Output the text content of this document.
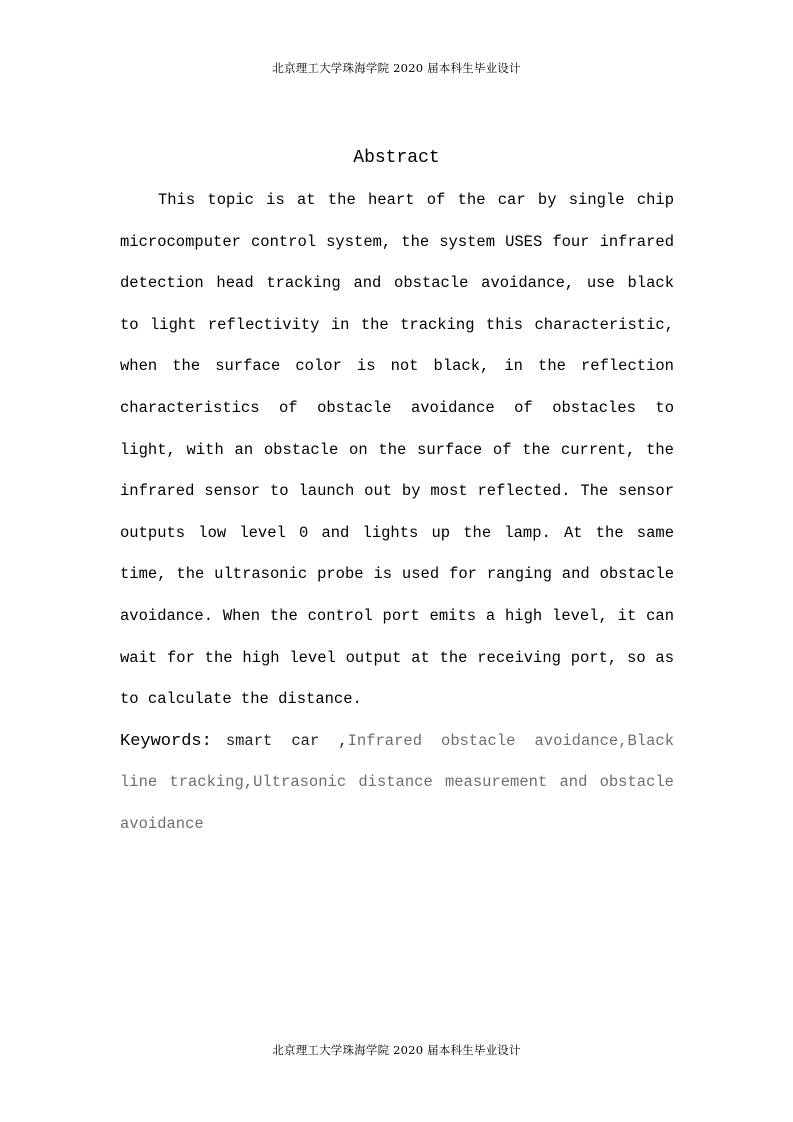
北京理工大学珠海学院 2020 届本科生毕业设计
Abstract

This topic is at the heart of the car by single chip microcomputer control system, the system USES four infrared detection head tracking and obstacle avoidance, use black to light reflectivity in the tracking this characteristic, when the surface color is not black, in the reflection characteristics of obstacle avoidance of obstacles to light, with an obstacle on the surface of the current, the infrared sensor to launch out by most reflected. The sensor outputs low level 0 and lights up the lamp. At the same time, the ultrasonic probe is used for ranging and obstacle avoidance. When the control port emits a high level, it can wait for the high level output at the receiving port, so as to calculate the distance.

Keywords: smart car ,Infrared obstacle avoidance,Black line tracking,Ultrasonic distance measurement and obstacle avoidance

北京理工大学珠海学院 2020 届本科生毕业设计
